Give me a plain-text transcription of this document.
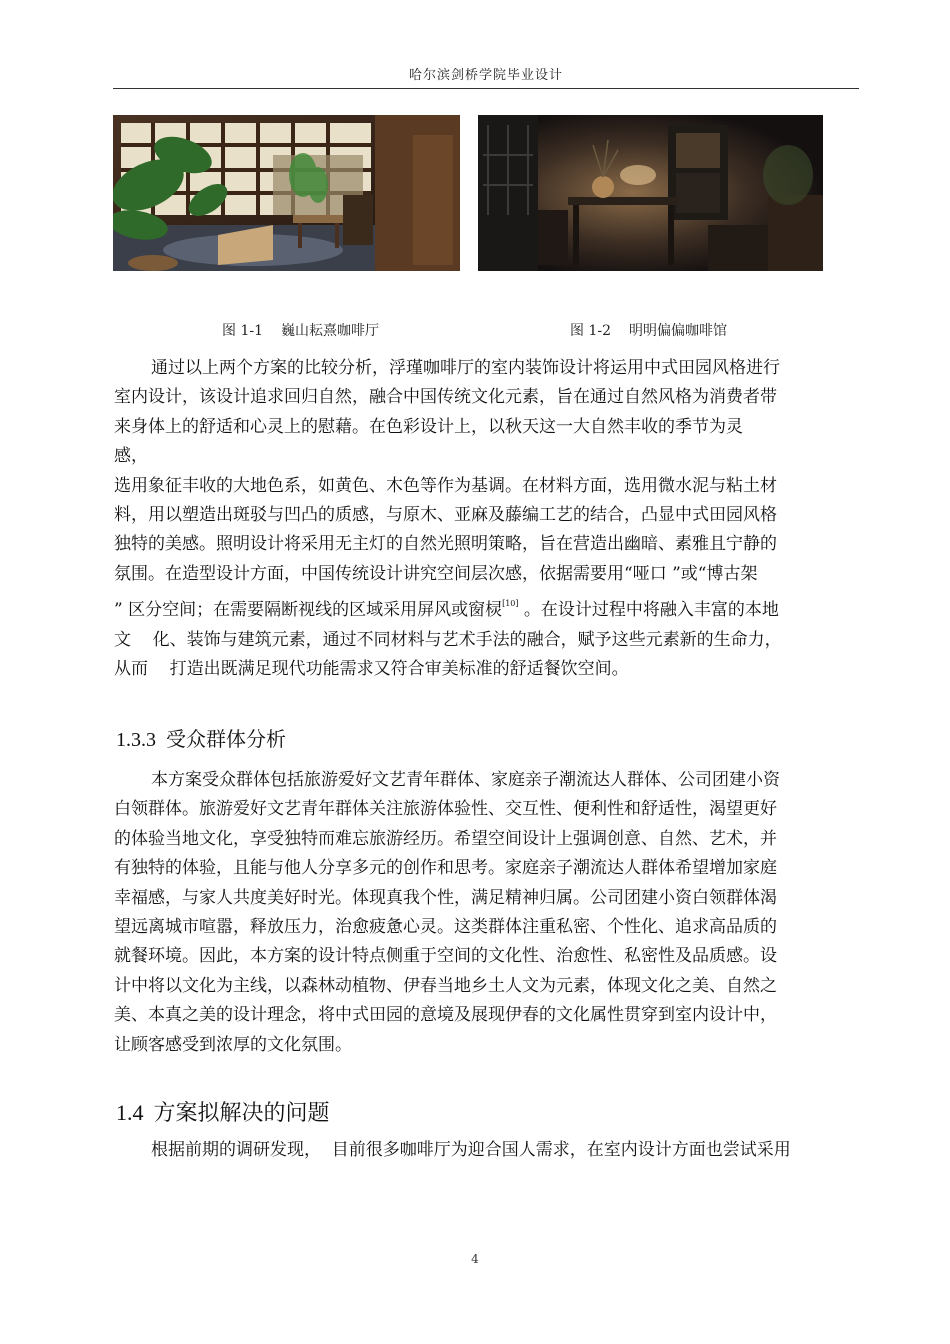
哈尔滨剑桥学院毕业设计
图 1-1 巍山耘熹咖啡厅	图 1-2 明明偏偏咖啡馆
通过以上两个方案的比较分析，浮瑾咖啡厅的室内装饰设计将运用中式田园风格进行
室内设计，该设计追求回归自然，融合中国传统文化元素，旨在通过自然风格为消费者带
来身体上的舒适和心灵上的慰藉。在色彩设计上，以秋天这一大自然丰收的季节为灵
感，
选用象征丰收的大地色系，如黄色、木色等作为基调。在材料方面，选用微水泥与粘土材
料，用以塑造出斑驳与凹凸的质感，与原木、亚麻及藤编工艺的结合，凸显中式田园风格
独特的美感。照明设计将采用无主灯的自然光照明策略，旨在营造出幽暗、素雅且宁静的
氛围。在造型设计方面，中国传统设计讲究空间层次感，依据需要用“哑口 ”或“博古架
” 区分空间；在需要隔断视线的区域采用屏风或窗棂[10] 。在设计过程中将融入丰富的本地
文    化、装饰与建筑元素，通过不同材料与艺术手法的融合，赋予这些元素新的生命力，
从而    打造出既满足现代功能需求又符合审美标准的舒适餐饮空间。
1.3.3 受众群体分析
本方案受众群体包括旅游爱好文艺青年群体、家庭亲子潮流达人群体、公司团建小资
白领群体。旅游爱好文艺青年群体关注旅游体验性、交互性、便利性和舒适性，渴望更好
的体验当地文化，享受独特而难忘旅游经历。希望空间设计上强调创意、自然、艺术，并
有独特的体验，且能与他人分享多元的创作和思考。家庭亲子潮流达人群体希望增加家庭
幸福感，与家人共度美好时光。体现真我个性，满足精神归属。公司团建小资白领群体渴
望远离城市喧嚣，释放压力，治愈疲惫心灵。这类群体注重私密、个性化、追求高品质的
就餐环境。因此，本方案的设计特点侧重于空间的文化性、治愈性、私密性及品质感。设
计中将以文化为主线，以森林动植物、伊春当地乡土人文为元素，体现文化之美、自然之
美、本真之美的设计理念，将中式田园的意境及展现伊春的文化属性贯穿到室内设计中，
让顾客感受到浓厚的文化氛围。
1.4 方案拟解决的问题
根据前期的调研发现，  目前很多咖啡厅为迎合国人需求，在室内设计方面也尝试采用
4
